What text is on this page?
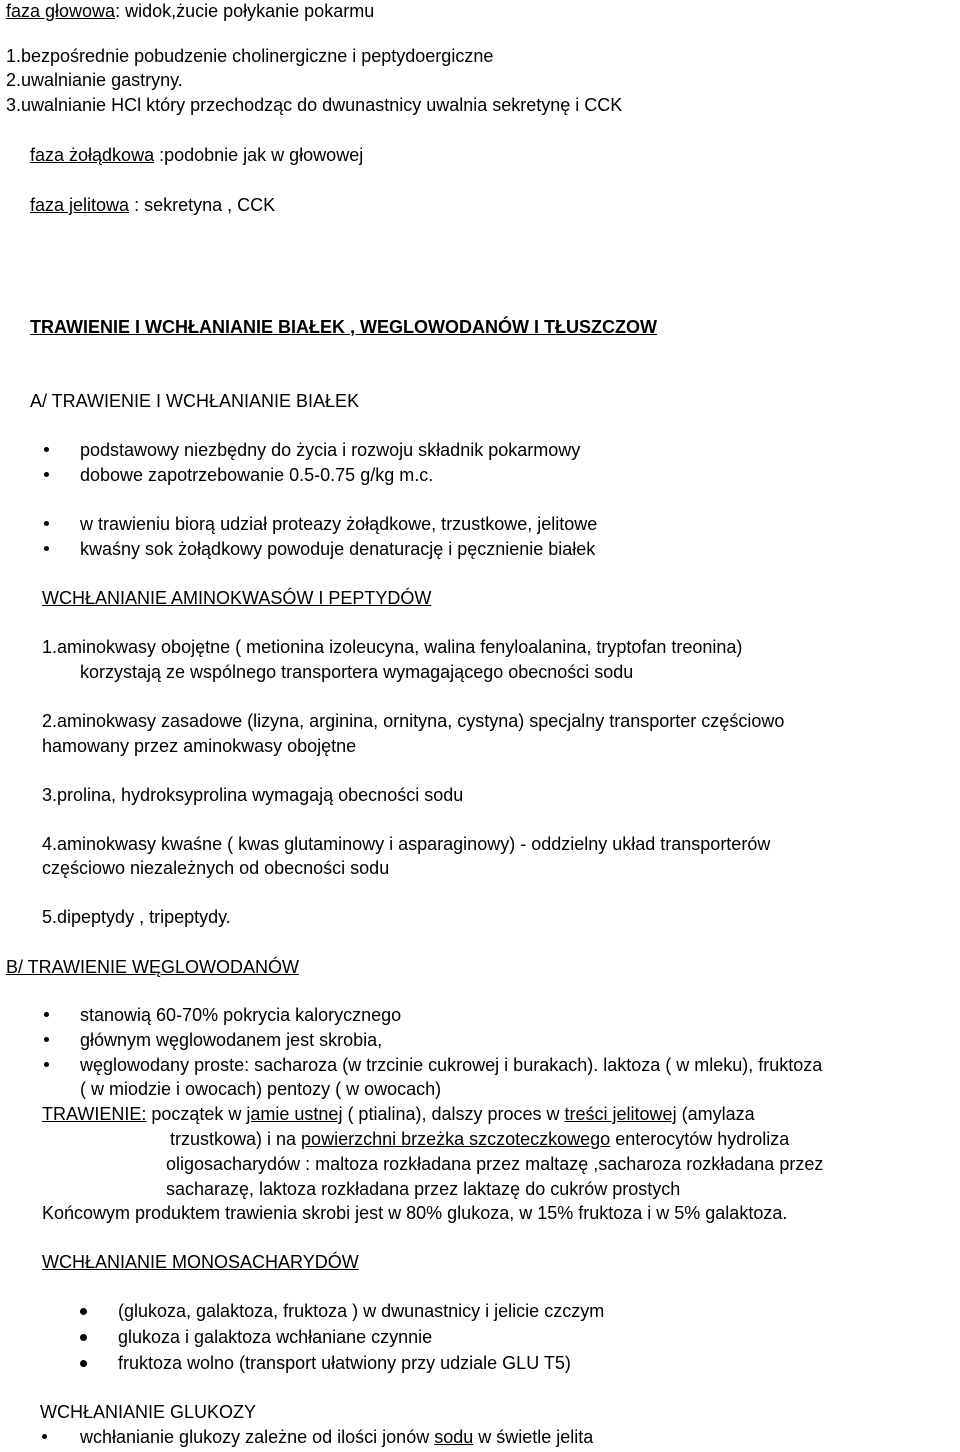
faza głowowa: widok,żucie połykanie pokarmu
1.bezpośrednie pobudzenie cholinergiczne i peptydoergiczne
2.uwalnianie gastryny.
3.uwalnianie HCl który przechodząc do dwunastnicy uwalnia sekretynę i CCK
faza żołądkowa :podobnie jak w głowowej
faza jelitowa : sekretyna , CCK
TRAWIENIE I WCHŁANIANIE BIAŁEK , WEGLOWODANÓW I TŁUSZCZOW
A/ TRAWIENIE I WCHŁANIANIE BIAŁEK
podstawowy niezbędny do życia i rozwoju składnik pokarmowy
dobowe zapotrzebowanie 0.5-0.75 g/kg m.c.
w trawieniu biorą udział proteazy żołądkowe, trzustkowe, jelitowe
kwaśny sok żołądkowy powoduje denaturację i pęcznienie białek
WCHŁANIANIE AMINOKWASÓW I PEPTYDÓW
1.aminokwasy obojętne ( metionina izoleucyna, walina fenyloalanina, tryptofan treonina)
korzystają ze wspólnego transportera wymagającego obecności sodu
2.aminokwasy zasadowe (lizyna, arginina, ornityna, cystyna) specjalny transporter częściowo
hamowany przez aminokwasy obojętne
3.prolina, hydroksyprolina wymagają obecności sodu
4.aminokwasy kwaśne ( kwas glutaminowy i asparaginowy) - oddzielny układ transporterów
częściowo niezależnych od obecności sodu
5.dipeptydy , tripeptydy.
B/ TRAWIENIE WĘGLOWODANÓW
stanowią 60-70% pokrycia kalorycznego
głównym węglowodanem jest skrobia,
węglowodany proste: sacharoza (w trzcinie cukrowej i burakach). laktoza ( w mleku), fruktoza
( w miodzie i owocach) pentozy ( w owocach)
TRAWIENIE: początek w jamie ustnej ( ptialina), dalszy proces w treści jelitowej (amylaza
trzustkowa) i na powierzchni brzeżka szczoteczkowego enterocytów hydroliza
oligosacharydów : maltoza rozkładana przez maltazę ,sacharoza rozkładana przez
sacharazę, laktoza rozkładana przez laktazę do cukrów prostych
Końcowym produktem trawienia skrobi jest w 80% glukoza, w 15% fruktoza i w 5% galaktoza.
WCHŁANIANIE MONOSACHARYDÓW
(glukoza, galaktoza, fruktoza ) w dwunastnicy i jelicie czczym
glukoza i galaktoza wchłaniane czynnie
fruktoza wolno (transport ułatwiony przy udziale GLU T5)
WCHŁANIANIE GLUKOZY
wchłanianie glukozy zależne od ilości jonów sodu w świetle jelita
